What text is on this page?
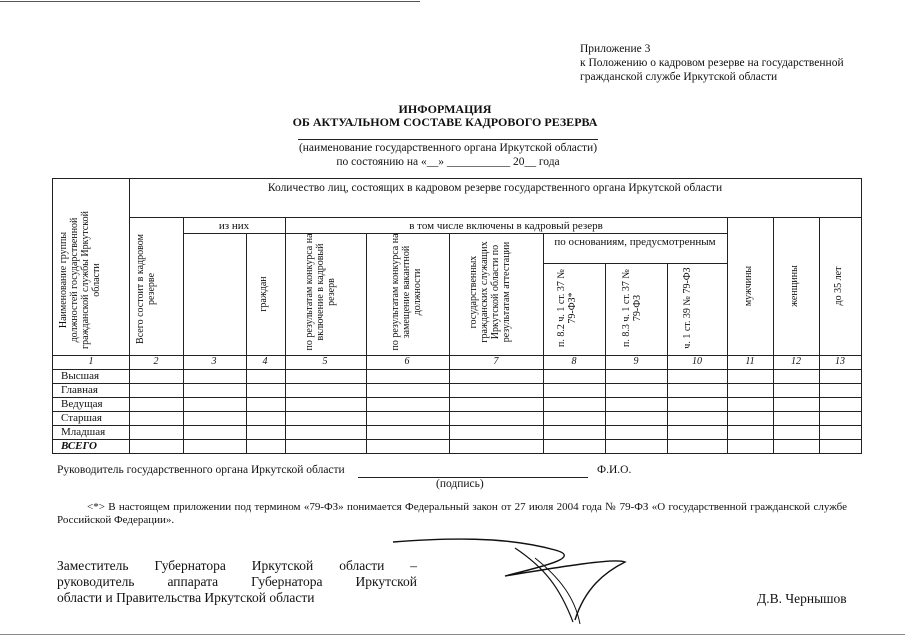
Приложение 3
к Положению о кадровом резерве на государственной
гражданской службе Иркутской области
ИНФОРМАЦИЯ
ОБ АКТУАЛЬНОМ СОСТАВЕ КАДРОВОГО РЕЗЕРВА
(наименование государственного органа Иркутской области)
по состоянию на «__» ___________ 20__ года
Количество лиц, состоящих в кадровом резерве государственного органа Иркутской области
из них	в том числе включены в кадровый резерв
по основаниям, предусмотренным
Наименование группы должностей государственной гражданской службы Иркутской области	Всего состоит в кадровом резерве	граждан	по результатам конкурса на включение в кадровый резерв	по результатам конкурса на замещение вакантной должности	государственных гражданских служащих Иркутской области по результатам аттестации	п. 8.2 ч. 1 ст. 37 № 79-ФЗ*	п. 8.3 ч. 1 ст. 37 № 79-ФЗ	ч. 1 ст. 39 № 79-ФЗ	мужчины	женщины	до 35 лет
1	2	3	4	5	6	7	8	9	10	11	12	13
Высшая
Главная
Ведущая
Старшая
Младшая
ВСЕГО
Руководитель государственного органа Иркутской области	Ф.И.О.
(подпись)
<*> В настоящем приложении под термином «79-ФЗ» понимается Федеральный закон от 27 июля 2004 года № 79-ФЗ «О государственной гражданской службе Российской Федерации».
Заместитель Губернатора Иркутской области –
руководитель аппарата Губернатора Иркутской
области и Правительства Иркутской области	Д.В. Чернышов
